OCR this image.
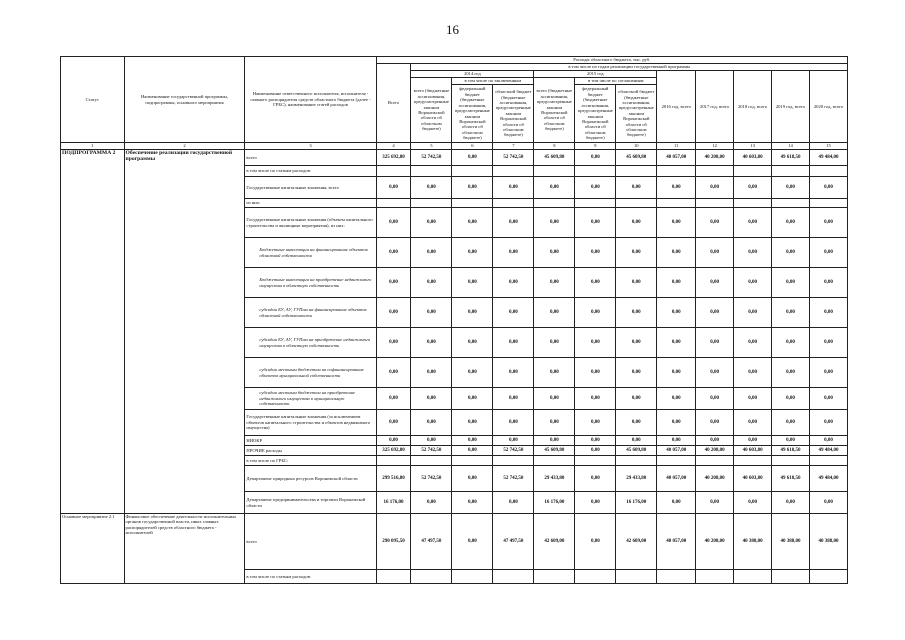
16
Статус	Наименование государственной программы, подпрограммы, основного мероприятия	Наименование ответственного исполнителя, исполнителя - главного распорядителя средств областного бюджета (далее - ГРБС), наименование статей расходов	Расходы областного бюджета, тыс. руб.											
			Всего	в том числе по годам реализации государственной программы										
				2014 год			2015 год			2016 год, всего	2017 год, всего	2018 год, всего	2019 год, всего	2020 год, всего
				всего (бюджетные ассигнования, предусмотренные законом Воронежской области об областном бюджете)	в том числе по заключенным		всего (бюджетные ассигнования, предусмотренные законом Воронежской области об областном бюджете)	в том числе по соглашениям						
					федеральный бюджет (бюджетные ассигнования, предусмотренные законом Воронежской области об областном бюджете)	областной бюджет (бюджетные ассигнования, предусмотренные законом Воронежской области об областном бюджете)		федеральный бюджет (бюджетные ассигнования, предусмотренные законом Воронежской области об областном бюджете)	областной бюджет (бюджетные ассигнования, предусмотренные законом Воронежской области об областном бюджете)					
1	2	3	4	5	6	7	8	9	10	11	12	13	14	15
ПОДПРОГРАММА 2	Обеспечение реализации государственной программы	всего	325 692,80	52 742,50	0,00	52 742,50	45 609,80	0,00	45 609,80	40 057,00	40 208,00	40 603,80	49 618,50	49 484,00
		в том числе по статьям расходов:												
		Государственные капитальные вложения, всего	0,00	0,00	0,00	0,00	0,00	0,00	0,00	0,00	0,00	0,00	0,00	0,00
		из них:												
		Государственные капитальные вложения (объекты капитального строительства и жилищные мероприятия), из них:	0,00	0,00	0,00	0,00	0,00	0,00	0,00	0,00	0,00	0,00	0,00	0,00
		Бюджетные инвестиции на финансирование объектов областной собственности	0,00	0,00	0,00	0,00	0,00	0,00	0,00	0,00	0,00	0,00	0,00	0,00
		Бюджетные инвестиции на приобретение недвижимого имущества в областную собственность	0,00	0,00	0,00	0,00	0,00	0,00	0,00	0,00	0,00	0,00	0,00	0,00
		субсидии БУ, АУ, ГУПам на финансирование объектов областной собственности	0,00	0,00	0,00	0,00	0,00	0,00	0,00	0,00	0,00	0,00	0,00	0,00
		субсидии БУ, АУ, ГУПам на приобретение недвижимого имущества в областную собственность	0,00	0,00	0,00	0,00	0,00	0,00	0,00	0,00	0,00	0,00	0,00	0,00
		субсидии местным бюджетам на софинансирование объектов муниципальной собственности	0,00	0,00	0,00	0,00	0,00	0,00	0,00	0,00	0,00	0,00	0,00	0,00
		субсидии местным бюджетам на приобретение недвижимого имущества в муниципальную собственность	0,00	0,00	0,00	0,00	0,00	0,00	0,00	0,00	0,00	0,00	0,00	0,00
		Государственные капитальные вложения (за исключением объектов капитального строительства и объектов недвижимого имущества)	0,00	0,00	0,00	0,00	0,00	0,00	0,00	0,00	0,00	0,00	0,00	0,00
		НИОКР	0,00	0,00	0,00	0,00	0,00	0,00	0,00	0,00	0,00	0,00	0,00	0,00
		ПРОЧИЕ расходы	325 692,80	52 742,50	0,00	52 742,50	45 609,80	0,00	45 609,80	40 057,00	40 208,00	40 603,80	49 618,50	49 484,00
		в том числе по ГРБС:												
		Департамент природных ресурсов Воронежской области	299 516,80	52 742,50	0,00	52 742,50	29 433,80	0,00	29 433,80	40 057,00	40 208,00	40 603,80	49 618,50	49 484,00
		Департамент предпринимательства и торговли Воронежской области	16 176,00	0,00	0,00	0,00	16 176,00	0,00	16 176,00	0,00	0,00	0,00	0,00	0,00
Основное мероприятие 2.1	Финансовое обеспечение деятельности исполнительных органов государственной власти, иных главных распорядителей средств областного бюджета - исполнителей	всего	290 095,50	47 497,50	0,00	47 497,50	42 609,00	0,00	42 609,00	40 057,00	40 208,00	40 388,00	40 388,00	40 388,00
		в том числе по статьям расходов:												
